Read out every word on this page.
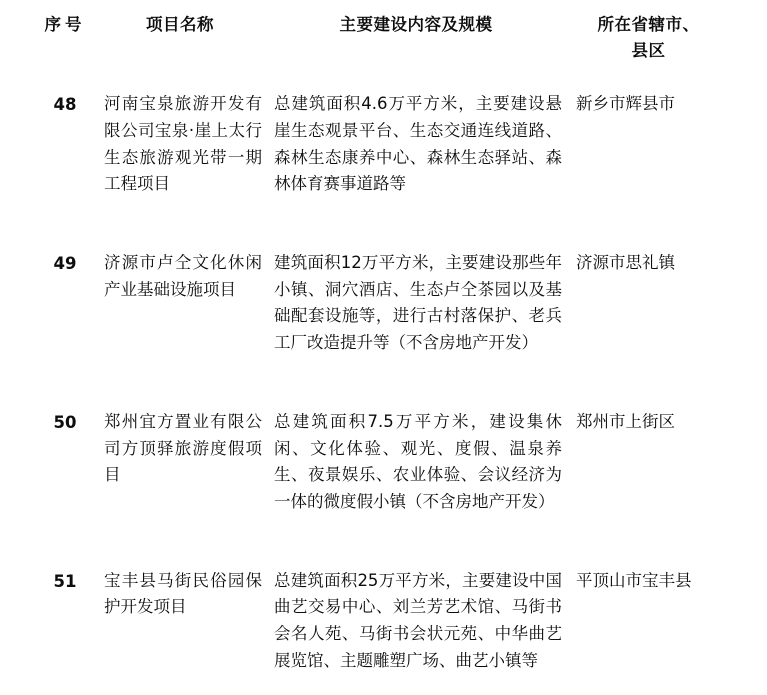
序号	项目名称	主要建设内容及规模	所在省辖市、
县区

48	河南宝泉旅游开发有限公司宝泉·崖上太行生态旅游观光带一期工程项目	总建筑面积4.6万平方米，主要建设悬崖生态观景平台、生态交通连线道路、森林生态康养中心、森林生态驿站、森林体育赛事道路等	新乡市辉县市

49	济源市卢仝文化休闲产业基础设施项目	建筑面积12万平方米，主要建设那些年小镇、洞穴酒店、生态卢仝茶园以及基础配套设施等，进行古村落保护、老兵工厂改造提升等（不含房地产开发）	济源市思礼镇

50	郑州宜方置业有限公司方顶驿旅游度假项目	总建筑面积7.5万平方米，建设集休闲、文化体验、观光、度假、温泉养生、夜景娱乐、农业体验、会议经济为一体的微度假小镇（不含房地产开发）	郑州市上街区

51	宝丰县马街民俗园保护开发项目	总建筑面积25万平方米，主要建设中国曲艺交易中心、刘兰芳艺术馆、马街书会名人苑、马街书会状元苑、中华曲艺展览馆、主题雕塑广场、曲艺小镇等	平顶山市宝丰县
